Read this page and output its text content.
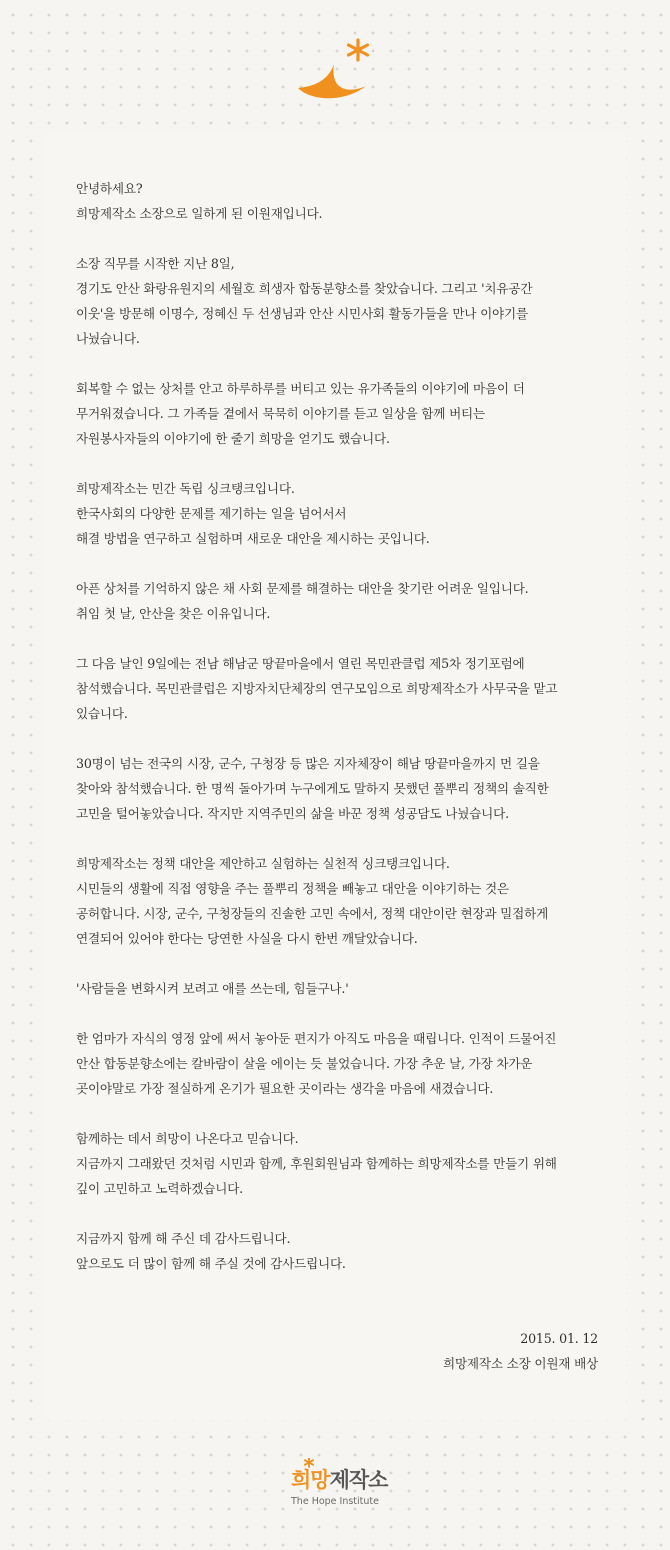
안녕하세요?
희망제작소 소장으로 일하게 된 이원재입니다.

소장 직무를 시작한 지난 8일,
경기도 안산 화랑유원지의 세월호 희생자 합동분향소를 찾았습니다. 그리고 '치유공간
이웃'을 방문해 이명수, 정혜신 두 선생님과 안산 시민사회 활동가들을 만나 이야기를
나눴습니다.

회복할 수 없는 상처를 안고 하루하루를 버티고 있는 유가족들의 이야기에 마음이 더
무거워졌습니다. 그 가족들 곁에서 묵묵히 이야기를 듣고 일상을 함께 버티는
자원봉사자들의 이야기에 한 줄기 희망을 얻기도 했습니다.

희망제작소는 민간 독립 싱크탱크입니다.
한국사회의 다양한 문제를 제기하는 일을 넘어서서
해결 방법을 연구하고 실험하며 새로운 대안을 제시하는 곳입니다.

아픈 상처를 기억하지 않은 채 사회 문제를 해결하는 대안을 찾기란 어려운 일입니다.
취임 첫 날, 안산을 찾은 이유입니다.

그 다음 날인 9일에는 전남 해남군 땅끝마을에서 열린 목민관클럽 제5차 정기포럼에
참석했습니다. 목민관클럽은 지방자치단체장의 연구모임으로 희망제작소가 사무국을 맡고
있습니다.

30명이 넘는 전국의 시장, 군수, 구청장 등 많은 지자체장이 해남 땅끝마을까지 먼 길을
찾아와 참석했습니다. 한 명씩 돌아가며 누구에게도 말하지 못했던 풀뿌리 정책의 솔직한
고민을 털어놓았습니다. 작지만 지역주민의 삶을 바꾼 정책 성공담도 나눴습니다.

희망제작소는 정책 대안을 제안하고 실험하는 실천적 싱크탱크입니다.
시민들의 생활에 직접 영향을 주는 풀뿌리 정책을 빼놓고 대안을 이야기하는 것은
공허합니다. 시장, 군수, 구청장들의 진솔한 고민 속에서, 정책 대안이란 현장과 밀접하게
연결되어 있어야 한다는 당연한 사실을 다시 한번 깨달았습니다.

'사람들을 변화시켜 보려고 애를 쓰는데, 힘들구나.'

한 엄마가 자식의 영정 앞에 써서 놓아둔 편지가 아직도 마음을 때립니다. 인적이 드물어진
안산 합동분향소에는 칼바람이 살을 에이는 듯 불었습니다. 가장 추운 날, 가장 차가운
곳이야말로 가장 절실하게 온기가 필요한 곳이라는 생각을 마음에 새겼습니다.

함께하는 데서 희망이 나온다고 믿습니다.
지금까지 그래왔던 것처럼 시민과 함께, 후원회원님과 함께하는 희망제작소를 만들기 위해
깊이 고민하고 노력하겠습니다.

지금까지 함께 해 주신 데 감사드립니다.
앞으로도 더 많이 함께 해 주실 것에 감사드립니다.

2015. 01. 12
희망제작소 소장 이원재 배상
희망제작소
The Hope Institute
